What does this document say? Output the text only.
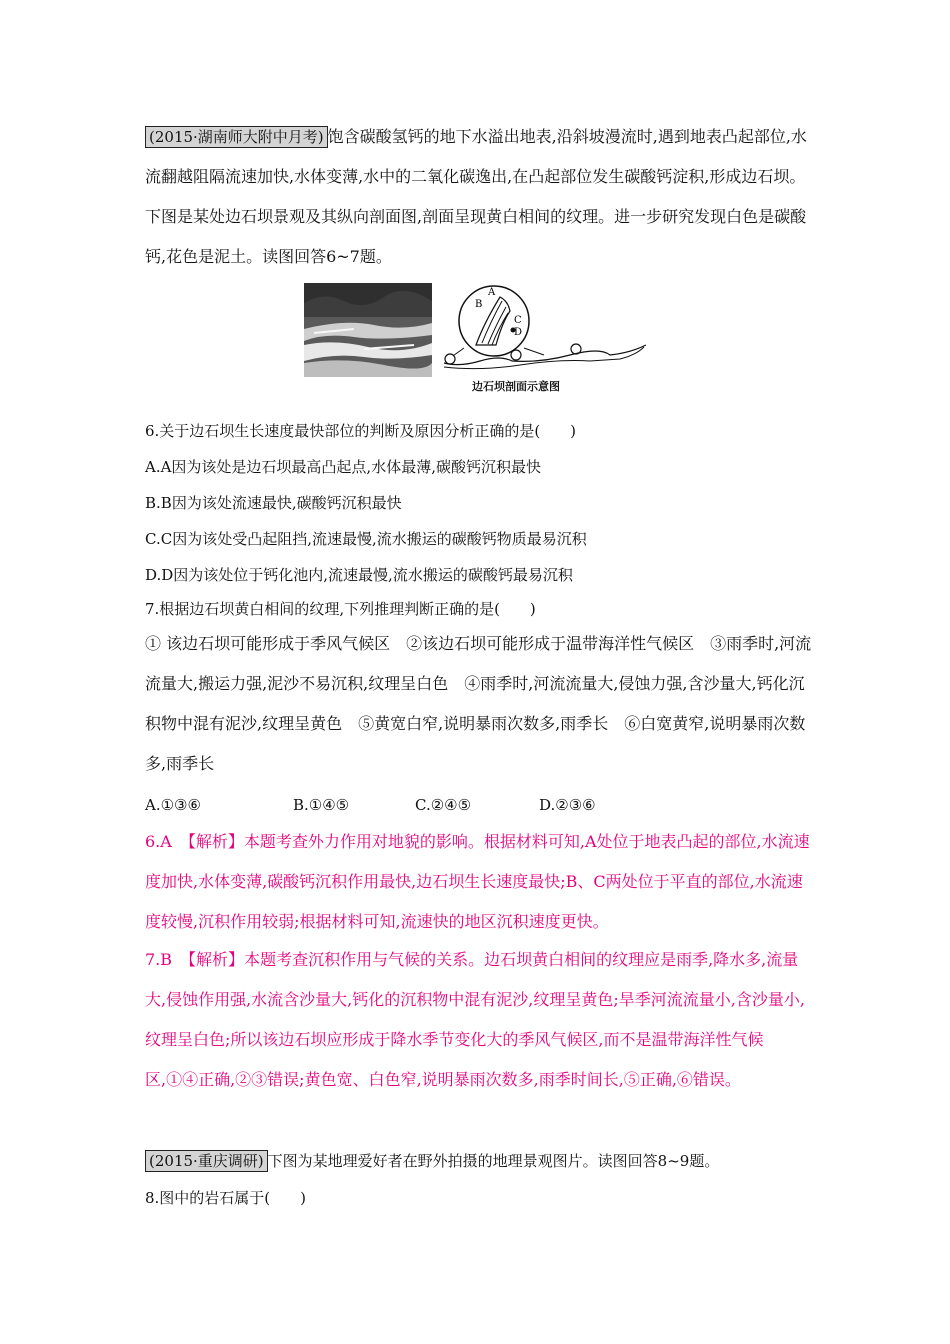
(2015·湖南师大附中月考) 饱含碳酸氢钙的地下水溢出地表,沿斜坡漫流时,遇到地表凸起部位,水流翻越阻隔流速加快,水体变薄,水中的二氧化碳逸出,在凸起部位发生碳酸钙淀积,形成边石坝。下图是某处边石坝景观及其纵向剖面图,剖面呈现黄白相间的纹理。进一步研究发现白色是碳酸钙,花色是泥土。读图回答6~7题。
A
B
C
D
边石坝剖面示意图
6.关于边石坝生长速度最快部位的判断及原因分析正确的是(　　)
A.A因为该处是边石坝最高凸起点,水体最薄,碳酸钙沉积最快
B.B因为该处流速最快,碳酸钙沉积最快
C.C因为该处受凸起阻挡,流速最慢,流水搬运的碳酸钙物质最易沉积
D.D因为该处位于钙化池内,流速最慢,流水搬运的碳酸钙最易沉积
7.根据边石坝黄白相间的纹理,下列推理判断正确的是(　　)
① 该边石坝可能形成于季风气候区　②该边石坝可能形成于温带海洋性气候区　③雨季时,河流流量大,搬运力强,泥沙不易沉积,纹理呈白色　④雨季时,河流流量大,侵蚀力强,含沙量大,钙化沉积物中混有泥沙,纹理呈黄色　⑤黄宽白窄,说明暴雨次数多,雨季长　⑥白宽黄窄,说明暴雨次数多,雨季长
A.①③⑥	B.①④⑤	C.②④⑤	D.②③⑥
6.A　 【解析】本题考查外力作用对地貌的影响。根据材料可知,A处位于地表凸起的部位,水流速度加快,水体变薄,碳酸钙沉积作用最快,边石坝生长速度最快;B、C两处位于平直的部位,水流速度较慢,沉积作用较弱;根据材料可知,流速快的地区沉积速度更快。
7.B　 【解析】本题考查沉积作用与气候的关系。边石坝黄白相间的纹理应是雨季,降水多,流量大,侵蚀作用强,水流含沙量大,钙化的沉积物中混有泥沙,纹理呈黄色;旱季河流流量小,含沙量小,纹理呈白色;所以该边石坝应形成于降水季节变化大的季风气候区,而不是温带海洋性气候区,①④正确,②③错误;黄色宽、白色窄,说明暴雨次数多,雨季时间长,⑤正确,⑥错误。
(2015·重庆调研) 下图为某地理爱好者在野外拍摄的地理景观图片。读图回答8~9题。
8.图中的岩石属于(　　)
